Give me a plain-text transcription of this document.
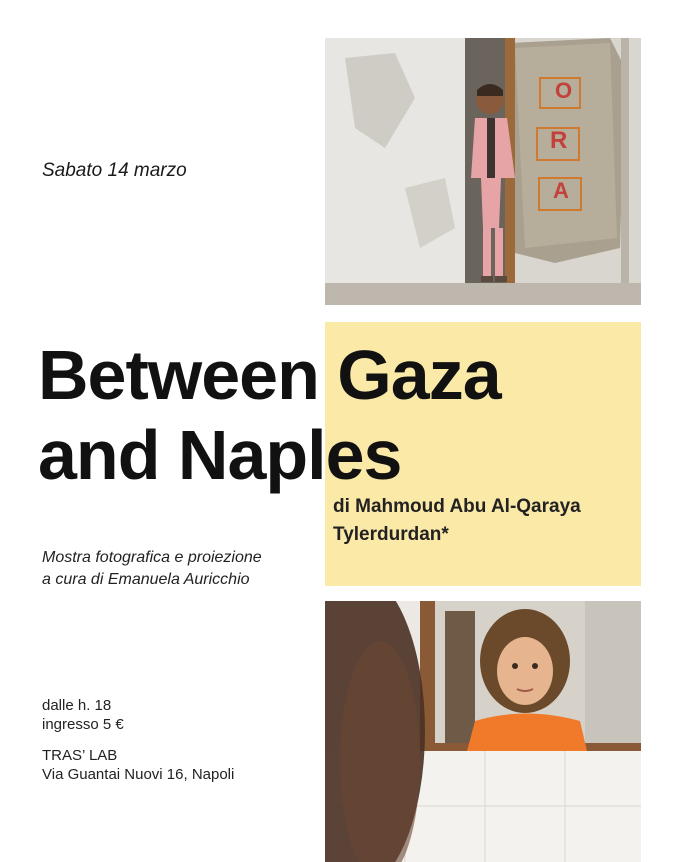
O
R
A
Sabato 14 marzo
Between Gaza
and Naples
di Mahmoud Abu Al-Qaraya
Tylerdurdan*
Mostra fotografica e proiezione
a cura di Emanuela Auricchio
dalle h. 18
ingresso 5 €
TRAS’ LAB
Via Guantai Nuovi 16, Napoli
